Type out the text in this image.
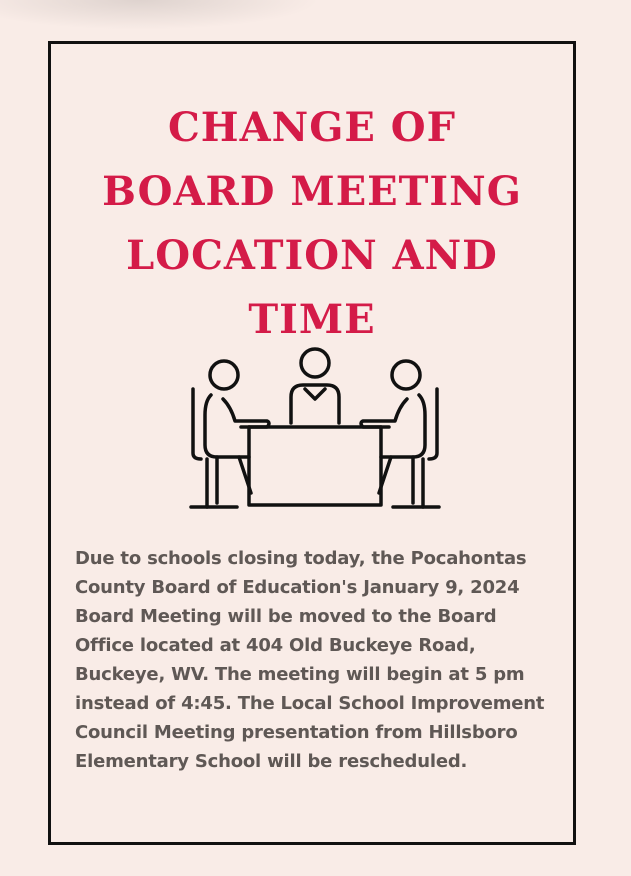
CHANGE OF
BOARD MEETING
LOCATION AND
TIME

Due to schools closing today, the Pocahontas County Board of Education's January 9, 2024 Board Meeting will be moved to the Board Office located at 404 Old Buckeye Road, Buckeye, WV. The meeting will begin at 5 pm instead of 4:45. The Local School Improvement Council Meeting presentation from Hillsboro Elementary School will be rescheduled.
